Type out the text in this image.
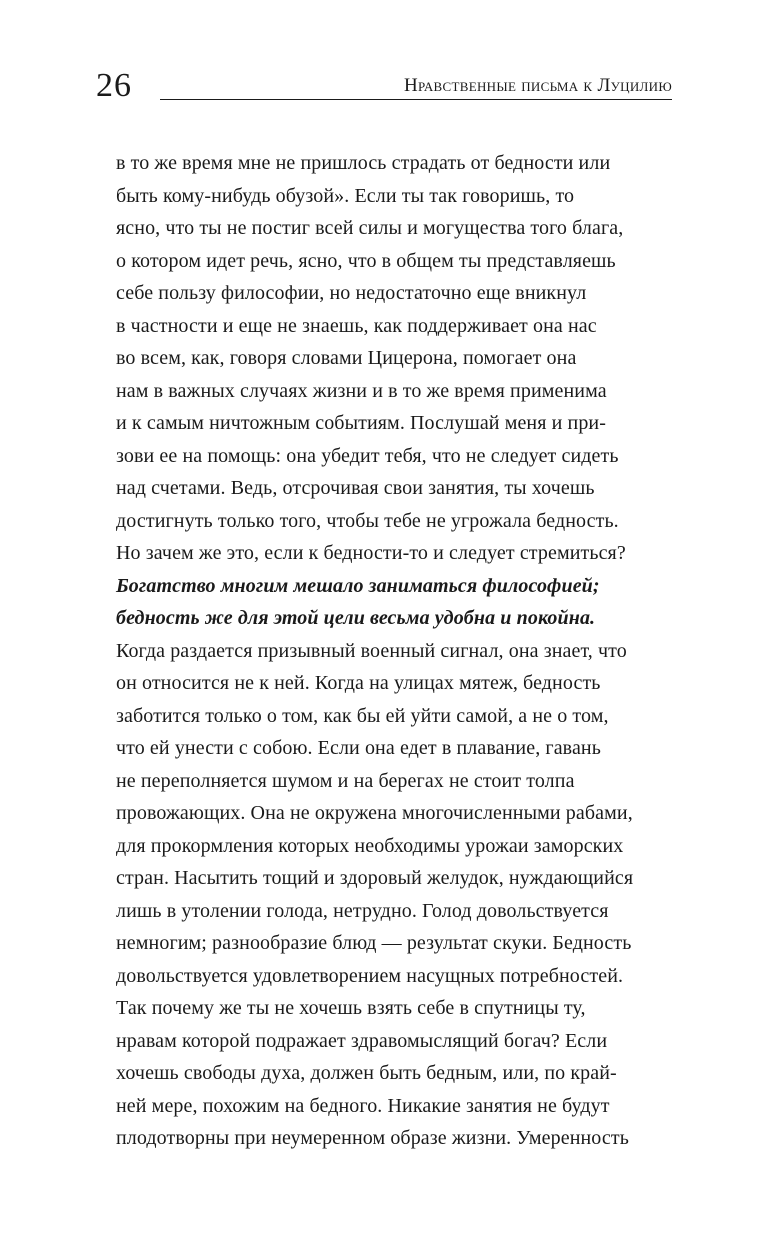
26	Нравственные письма к Луцилию
в то же время мне не пришлось страдать от бедности или
быть кому-нибудь обузой». Если ты так говоришь, то
ясно, что ты не постиг всей силы и могущества того блага,
о котором идет речь, ясно, что в общем ты представляешь
себе пользу философии, но недостаточно еще вникнул
в частности и еще не знаешь, как поддерживает она нас
во всем, как, говоря словами Цицерона, помогает она
нам в важных случаях жизни и в то же время применима
и к самым ничтожным событиям. Послушай меня и при-
зови ее на помощь: она убедит тебя, что не следует сидеть
над счетами. Ведь, отсрочивая свои занятия, ты хочешь
достигнуть только того, чтобы тебе не угрожала бедность.
Но зачем же это, если к бедности-то и следует стремиться?
Богатство многим мешало заниматься философией;
бедность же для этой цели весьма удобна и покойна.
Когда раздается призывный военный сигнал, она знает, что
он относится не к ней. Когда на улицах мятеж, бедность
заботится только о том, как бы ей уйти самой, а не о том,
что ей унести с собою. Если она едет в плавание, гавань
не переполняется шумом и на берегах не стоит толпа
провожающих. Она не окружена многочисленными рабами,
для прокормления которых необходимы урожаи заморских
стран. Насытить тощий и здоровый желудок, нуждающийся
лишь в утолении голода, нетрудно. Голод довольствуется
немногим; разнообразие блюд — результат скуки. Бедность
довольствуется удовлетворением насущных потребностей.
Так почему же ты не хочешь взять себе в спутницы ту,
нравам которой подражает здравомыслящий богач? Если
хочешь свободы духа, должен быть бедным, или, по край-
ней мере, похожим на бедного. Никакие занятия не будут
плодотворны при неумеренном образе жизни. Умеренность
